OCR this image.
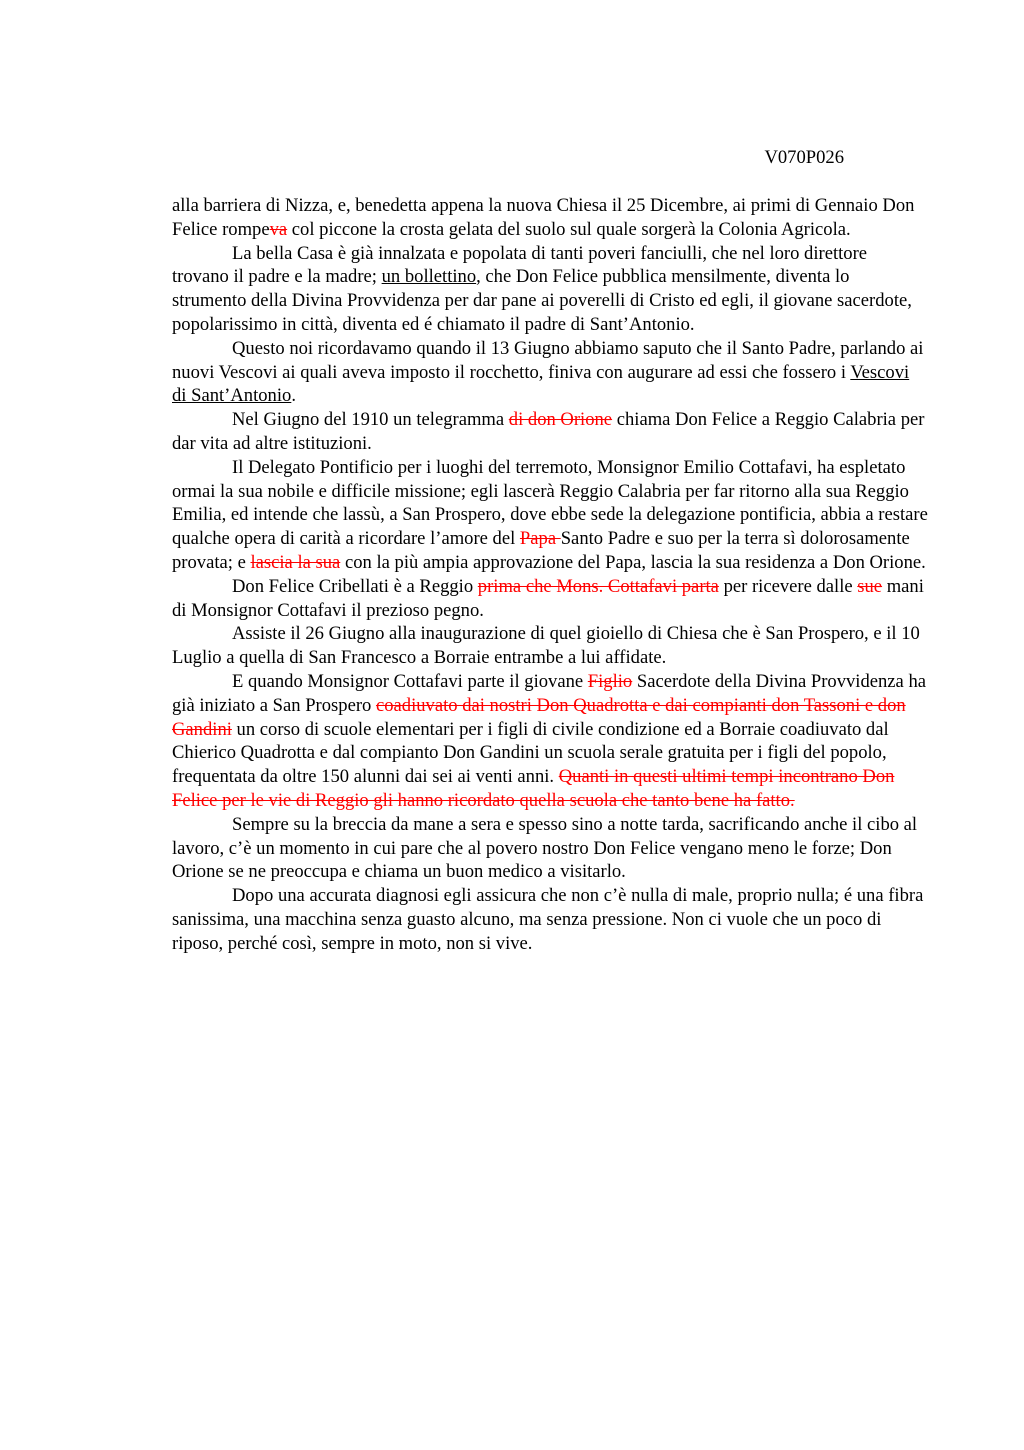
V070P026

alla barriera di Nizza, e, benedetta appena la nuova Chiesa il 25 Dicembre, ai primi di Gennaio Don Felice rompeva col piccone la crosta gelata del suolo sul quale sorgerà la Colonia Agricola.

La bella Casa è già innalzata e popolata di tanti poveri fanciulli, che nel loro direttore trovano il padre e la madre; un bollettino, che Don Felice pubblica mensilmente, diventa lo strumento della Divina Provvidenza per dar pane ai poverelli di Cristo ed egli, il giovane sacerdote, popolarissimo in città, diventa ed é chiamato il padre di Sant’Antonio.

Questo noi ricordavamo quando il 13 Giugno abbiamo saputo che il Santo Padre, parlando ai nuovi Vescovi ai quali aveva imposto il rocchetto, finiva con augurare ad essi che fossero i Vescovi di Sant’Antonio.

Nel Giugno del 1910 un telegramma di don Orione chiama Don Felice a Reggio Calabria per dar vita ad altre istituzioni.

Il Delegato Pontificio per i luoghi del terremoto, Monsignor Emilio Cottafavi, ha espletato ormai la sua nobile e difficile missione; egli lascerà Reggio Calabria per far ritorno alla sua Reggio Emilia, ed intende che lassù, a San Prospero, dove ebbe sede la delegazione pontificia, abbia a restare qualche opera di carità a ricordare l’amore del Papa Santo Padre e suo per la terra sì dolorosamente provata; e lascia la sua con la più ampia approvazione del Papa, lascia la sua residenza a Don Orione.

Don Felice Cribellati è a Reggio prima che Mons. Cottafavi parta per ricevere dalle sue mani di Monsignor Cottafavi il prezioso pegno.

Assiste il 26 Giugno alla inaugurazione di quel gioiello di Chiesa che è San Prospero, e il 10 Luglio a quella di San Francesco a Borraie entrambe a lui affidate.

E quando Monsignor Cottafavi parte il giovane Figlio Sacerdote della Divina Provvidenza ha già iniziato a San Prospero coadiuvato dai nostri Don Quadrotta e dai compianti don Tassoni e don Gandini un corso di scuole elementari per i figli di civile condizione ed a Borraie coadiuvato dal Chierico Quadrotta e dal compianto Don Gandini un scuola serale gratuita per i figli del popolo, frequentata da oltre 150 alunni dai sei ai venti anni. Quanti in questi ultimi tempi incontrano Don Felice per le vie di Reggio gli hanno ricordato quella scuola che tanto bene ha fatto.

Sempre su la breccia da mane a sera e spesso sino a notte tarda, sacrificando anche il cibo al lavoro, c’è un momento in cui pare che al povero nostro Don Felice vengano meno le forze; Don Orione se ne preoccupa e chiama un buon medico a visitarlo.

Dopo una accurata diagnosi egli assicura che non c’è nulla di male, proprio nulla; é una fibra sanissima, una macchina senza guasto alcuno, ma senza pressione. Non ci vuole che un poco di riposo, perché così, sempre in moto, non si vive.
